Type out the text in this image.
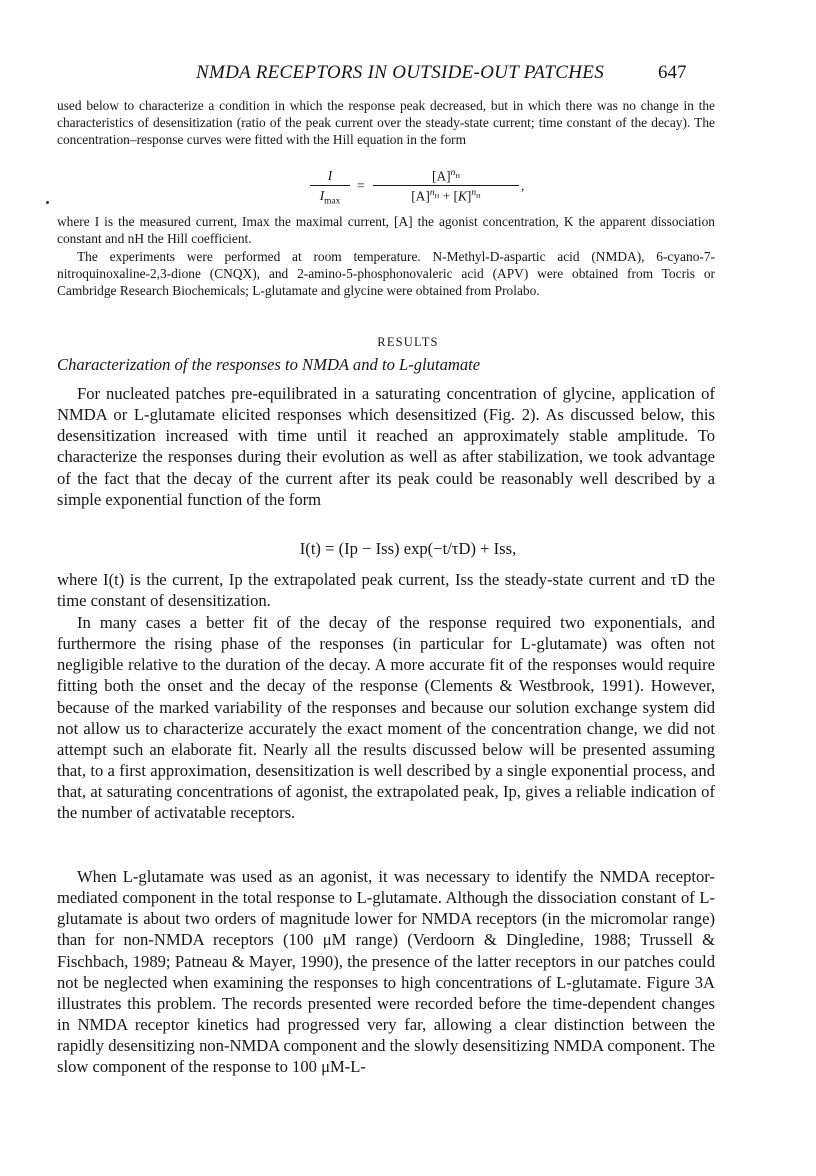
NMDA RECEPTORS IN OUTSIDE-OUT PATCHES	647

used below to characterize a condition in which the response peak decreased, but in which there was no change in the characteristics of desensitization (ratio of the peak current over the steady-state current; time constant of the decay). The concentration–response curves were fitted with the Hill equation in the form

I
$I_{max}$
= $\frac{[A]^{n_H}}{[A]^{n_H} + [K]^{n_H}}$ ,

where I is the measured current, Imax the maximal current, [A] the agonist concentration, K the apparent dissociation constant and nH the Hill coefficient.

The experiments were performed at room temperature. N-Methyl-D-aspartic acid (NMDA), 6-cyano-7-nitroquinoxaline-2,3-dione (CNQX), and 2-amino-5-phosphonovaleric acid (APV) were obtained from Tocris or Cambridge Research Biochemicals; L-glutamate and glycine were obtained from Prolabo.

RESULTS
Characterization of the responses to NMDA and to L-glutamate

For nucleated patches pre-equilibrated in a saturating concentration of glycine, application of NMDA or L-glutamate elicited responses which desensitized (Fig. 2). As discussed below, this desensitization increased with time until it reached an approximately stable amplitude. To characterize the responses during their evolution as well as after stabilization, we took advantage of the fact that the decay of the current after its peak could be reasonably well described by a simple exponential function of the form

I(t) = (Ip − Iss) exp(−t/τD) + Iss,

where I(t) is the current, Ip the extrapolated peak current, Iss the steady-state current and τD the time constant of desensitization.

In many cases a better fit of the decay of the response required two exponentials, and furthermore the rising phase of the responses (in particular for L-glutamate) was often not negligible relative to the duration of the decay. A more accurate fit of the responses would require fitting both the onset and the decay of the response (Clements & Westbrook, 1991). However, because of the marked variability of the responses and because our solution exchange system did not allow us to characterize accurately the exact moment of the concentration change, we did not attempt such an elaborate fit. Nearly all the results discussed below will be presented assuming that, to a first approximation, desensitization is well described by a single exponential process, and that, at saturating concentrations of agonist, the extrapolated peak, Ip, gives a reliable indication of the number of activatable receptors.

When L-glutamate was used as an agonist, it was necessary to identify the NMDA receptor-mediated component in the total response to L-glutamate. Although the dissociation constant of L-glutamate is about two orders of magnitude lower for NMDA receptors (in the micromolar range) than for non-NMDA receptors (100 μM range) (Verdoorn & Dingledine, 1988; Trussell & Fischbach, 1989; Patneau & Mayer, 1990), the presence of the latter receptors in our patches could not be neglected when examining the responses to high concentrations of L-glutamate. Figure 3A illustrates this problem. The records presented were recorded before the time-dependent changes in NMDA receptor kinetics had progressed very far, allowing a clear distinction between the rapidly desensitizing non-NMDA component and the slowly desensitizing NMDA component. The slow component of the response to 100 μM-L-
